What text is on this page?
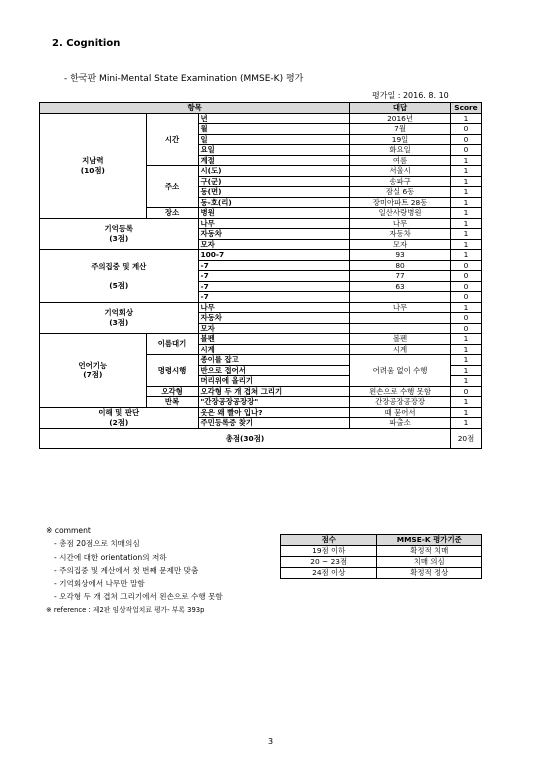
2. Cognition
- 한국판 Mini-Mental State Examination (MMSE-K) 평가
평가일 : 2016. 8. 10
항목			대답	Score
지남력
(10점)	시간	년	2016년	1
		월	7월	0
		일	19일	0
		요일	화요일	0
		계절	여름	1
	주소	시(도)	서울시	1
		구(군)	송파구	1
		동(면)	잠실 6동	1
		동-호(리)	장미아파트 28동	1
	장소	병원	일산사랑병원	1

기억등록
(3점)		나무	나무	1
		자동차	자동차	1
		모자	모자	1
주의집중 및 계산

(5점)		100-7	93	1
		-7	80	0
		-7	77	0
		-7	63	0
		-7		0
기억회상
(3점)		나무	나무	1
		자동차		0
		모자		0
언어기능
(7점)	이름대기	볼펜	볼펜	1
		시계	시계	1
	명령시행	종이를 잡고	어려움 없이 수행	1
		반으로 접어서		1
		머리위에 올리기		1
	오각형	오각형 두 개 겹쳐 그리기	왼손으로 수행 못함	0

	반복	"간장공장공장장"	간장공장공장장	1
이해 및 판단
(2점)		옷은 왜 빨아 입나?	때 묻어서	1
		주민등록증 찾기	파출소	1
총점(30점)				20점
※ comment
- 총점 20점으로 치매의심
- 시간에 대한 orientation의 저하
- 주의집중 및 계산에서 첫 번째 문제만 맞춤
- 기억회상에서 나무만 말함
- 오각형 두 개 겹쳐 그리기에서 왼손으로 수행 못함
※ reference : 제2판 임상작업치료 평가- 부록 393p
점수	MMSE-K 평가기준
19점 이하	확정적 치매
20 ~ 23점	치매 의심
24점 이상	확정적 정상
3
